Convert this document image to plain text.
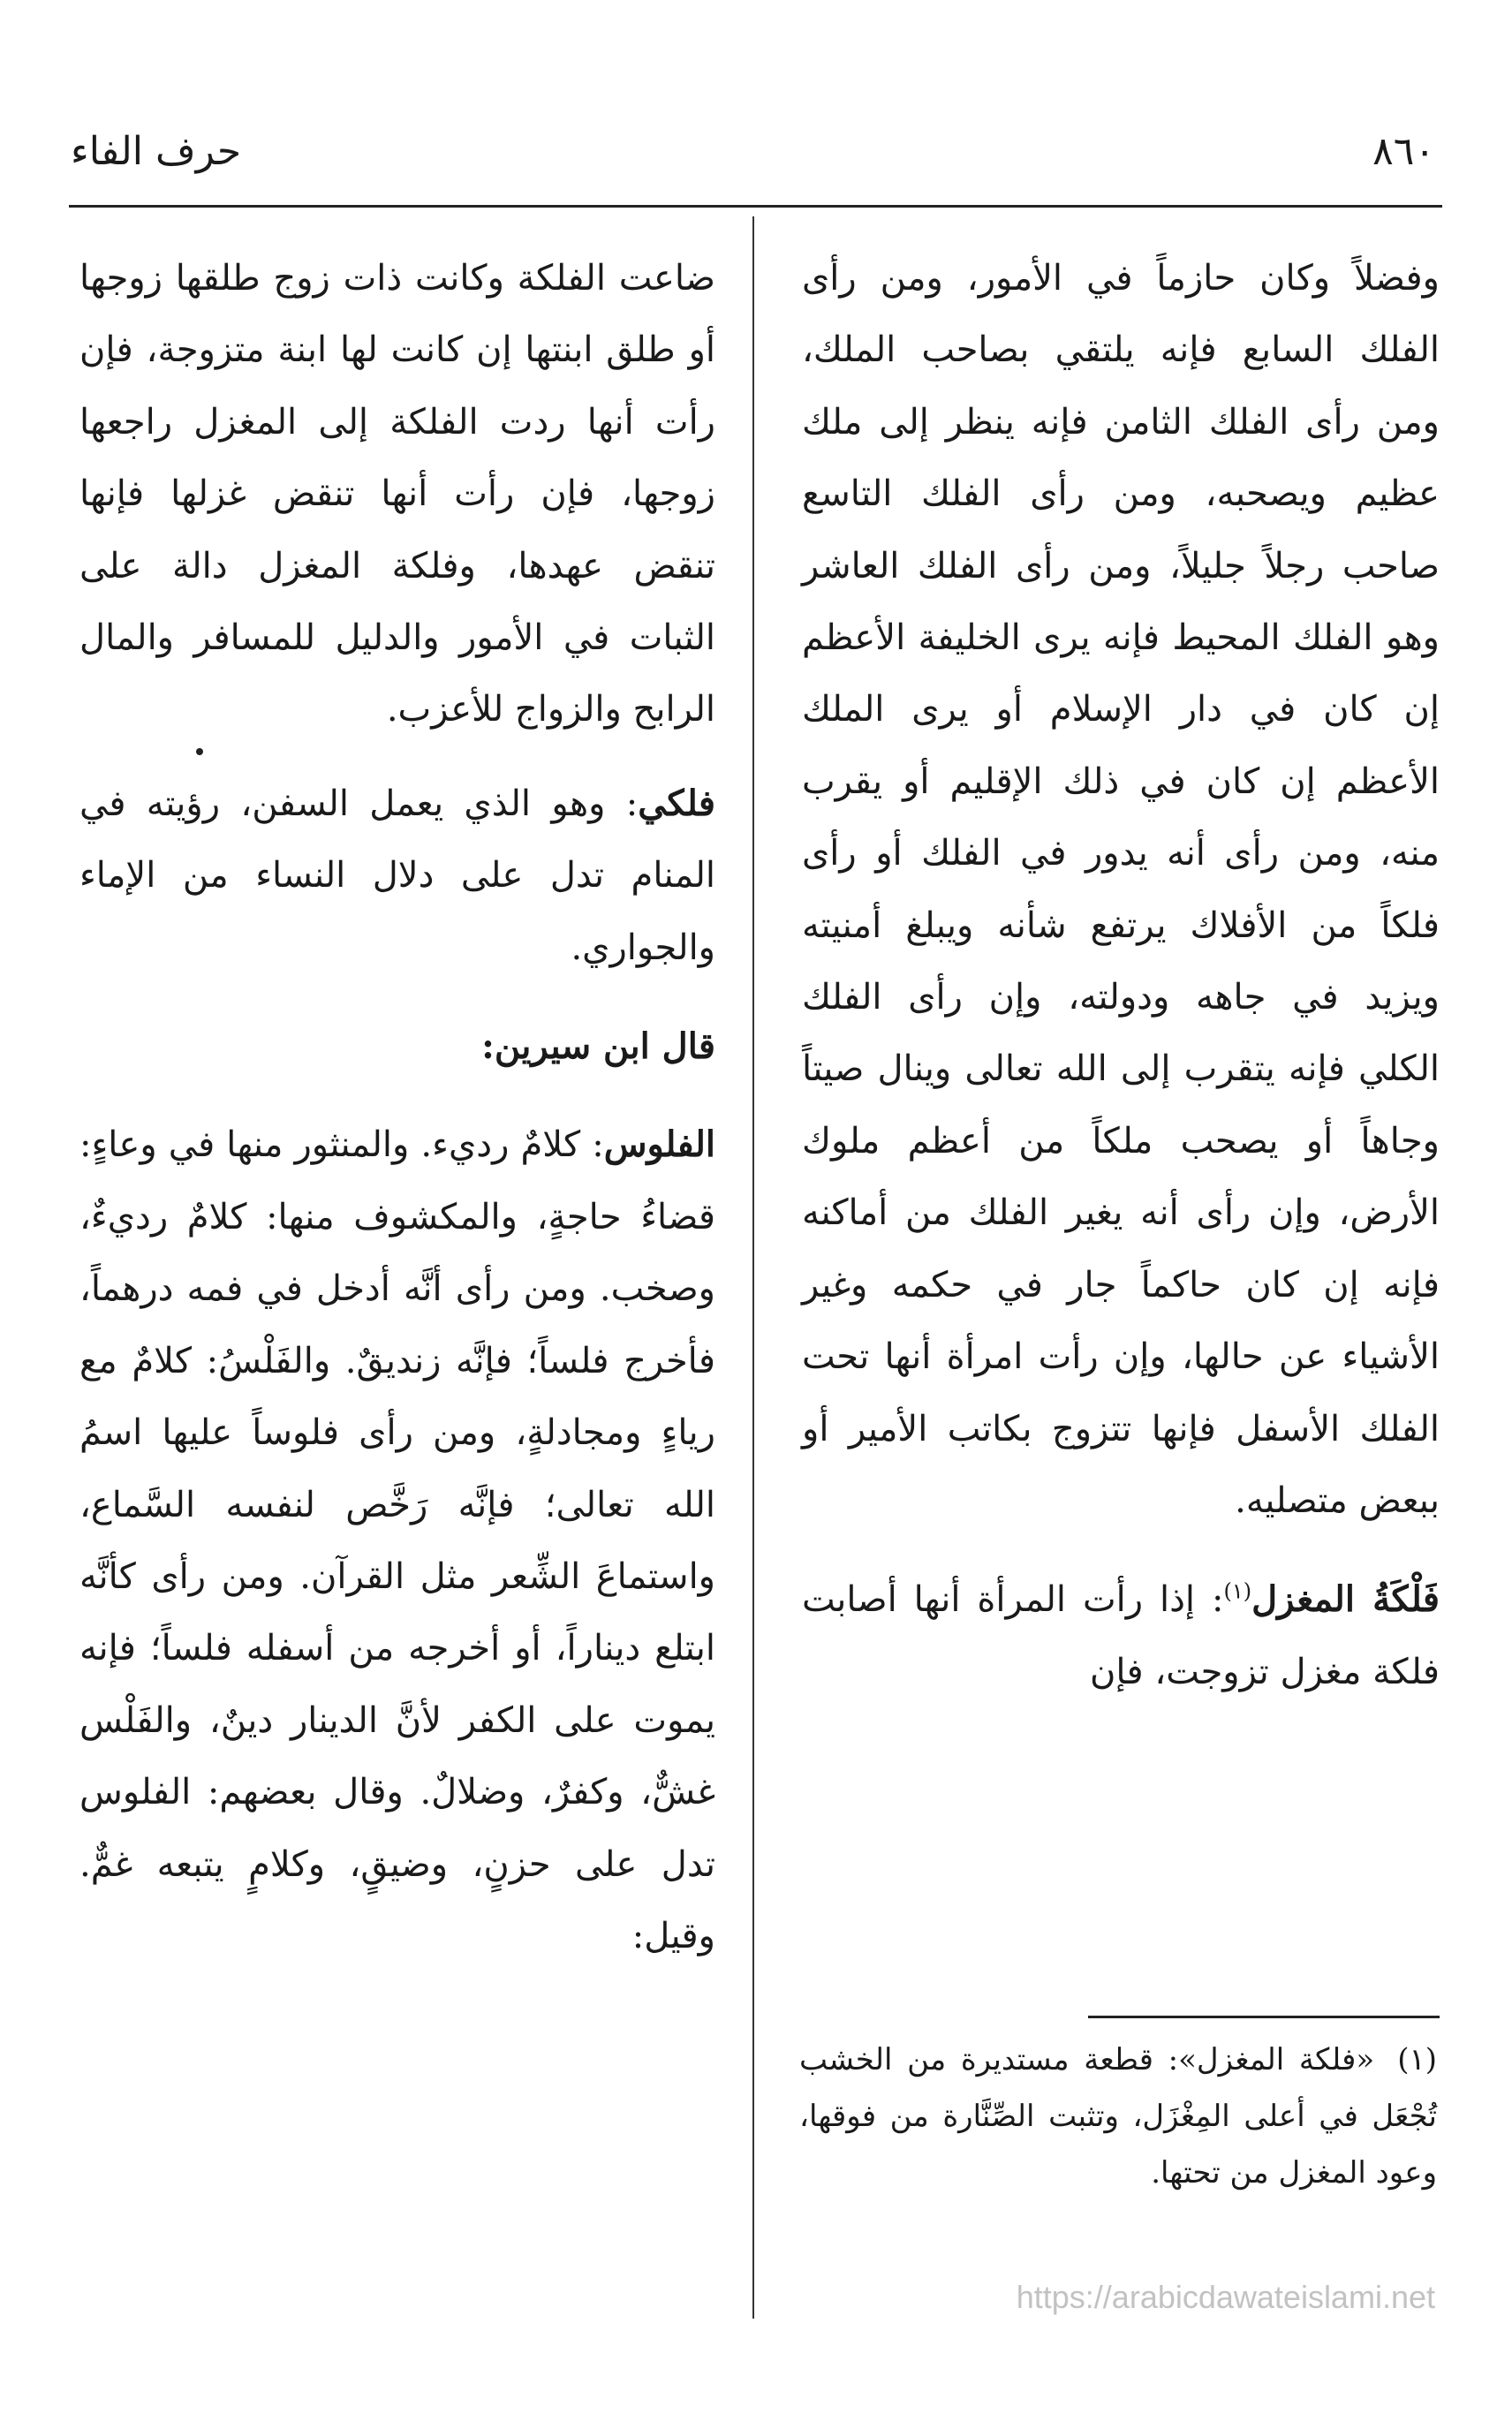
٨٦٠
حرف الفاء

وفضلاً وكان حازماً في الأمور، ومن رأى الفلك السابع فإنه يلتقي بصاحب الملك، ومن رأى الفلك الثامن فإنه ينظر إلى ملك عظيم ويصحبه، ومن رأى الفلك التاسع صاحب رجلاً جليلاً، ومن رأى الفلك العاشر وهو الفلك المحيط فإنه يرى الخليفة الأعظم إن كان في دار الإسلام أو يرى الملك الأعظم إن كان في ذلك الإقليم أو يقرب منه، ومن رأى أنه يدور في الفلك أو رأى فلكاً من الأفلاك يرتفع شأنه ويبلغ أمنيته ويزيد في جاهه ودولته، وإن رأى الفلك الكلي فإنه يتقرب إلى الله تعالى وينال صيتاً وجاهاً أو يصحب ملكاً من أعظم ملوك الأرض، وإن رأى أنه يغير الفلك من أماكنه فإنه إن كان حاكماً جار في حكمه وغير الأشياء عن حالها، وإن رأت امرأة أنها تحت الفلك الأسفل فإنها تتزوج بكاتب الأمير أو ببعض متصليه.

فَلْكَةُ المغزل$^{(١)}$: إذا رأت المرأة أنها أصابت فلكة مغزل تزوجت، فإن

ضاعت الفلكة وكانت ذات زوج طلقها زوجها أو طلق ابنتها إن كانت لها ابنة متزوجة، فإن رأت أنها ردت الفلكة إلى المغزل راجعها زوجها، فإن رأت أنها تنقض غزلها فإنها تنقض عهدها، وفلكة المغزل دالة على الثبات في الأمور والدليل للمسافر والمال الرابح والزواج للأعزب.

فلكي: وهو الذي يعمل السفن، رؤيته في المنام تدل على دلال النساء من الإماء والجواري.

قال ابن سيرين:

الفلوس: كلامٌ رديء. والمنثور منها في وعاءٍ: قضاءُ حاجةٍ، والمكشوف منها: كلامٌ رديءٌ، وصخب. ومن رأى أنَّه أدخل في فمه درهماً، فأخرج فلساً؛ فإنَّه زنديقٌ. والفَلْسُ: كلامٌ مع رياءٍ ومجادلةٍ، ومن رأى فلوساً عليها اسمُ الله تعالى؛ فإنَّه رَخَّص لنفسه السَّماع، واستماعَ الشِّعر مثل القرآن. ومن رأى كأنَّه ابتلع ديناراً، أو أخرجه من أسفله فلساً؛ فإنه يموت على الكفر لأنَّ الدينار دينٌ، والفَلْس غشٌّ، وكفرٌ، وضلالٌ. وقال بعضهم: الفلوس تدل على حزنٍ، وضيقٍ، وكلامٍ يتبعه غمٌّ. وقيل:

(١)«فلكة المغزل»: قطعة مستديرة من الخشب تُجْعَل في أعلى المِغْزَل، وتثبت الصِّنَّارة من فوقها، وعود المغزل من تحتها.

https://arabicdawateislami.net
